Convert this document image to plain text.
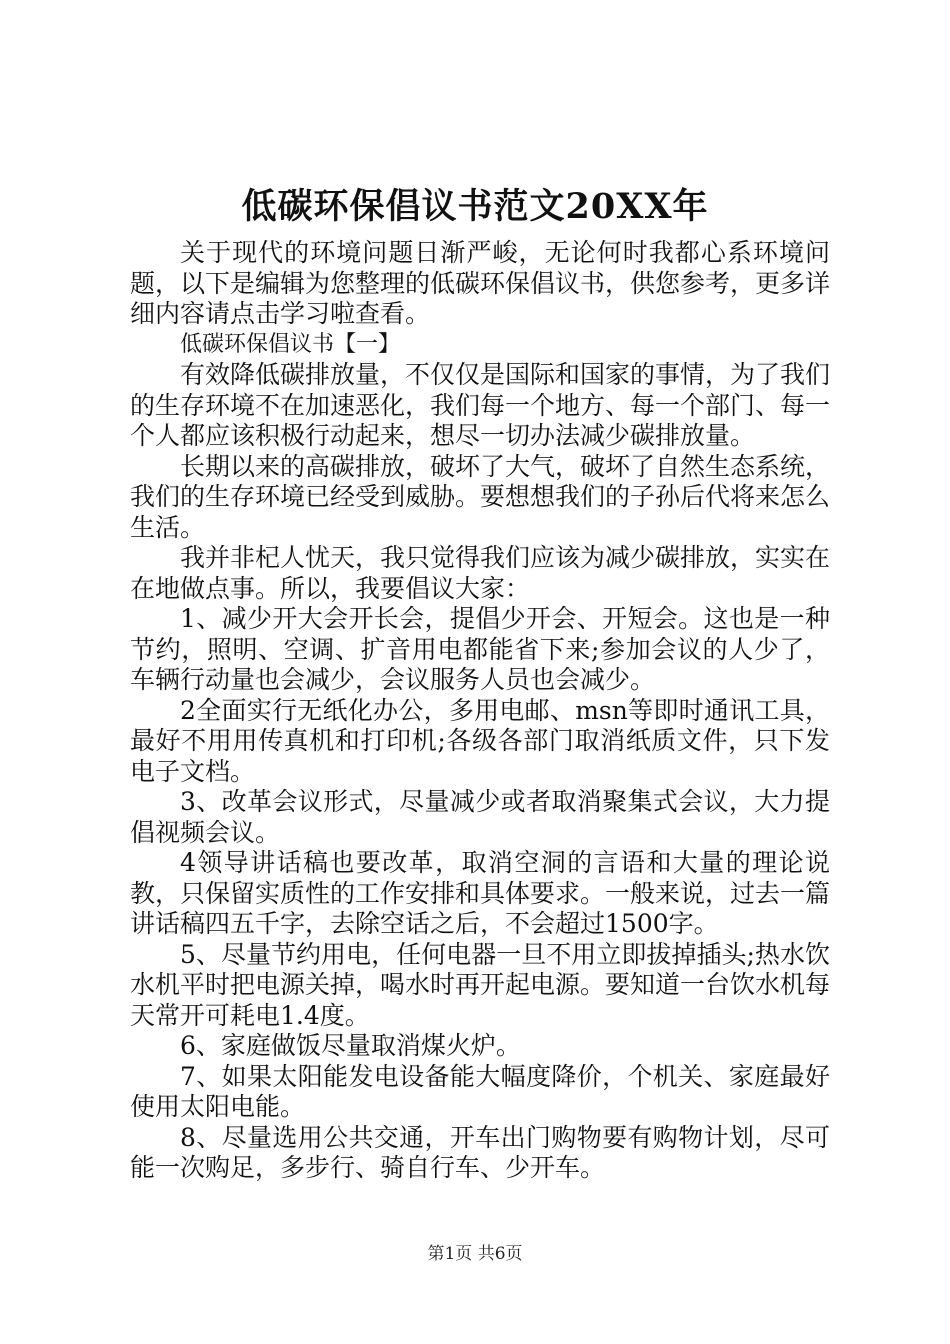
低碳环保倡议书范文20XX年

关于现代的环境问题日渐严峻，无论何时我都心系环境问题，以下是编辑为您整理的低碳环保倡议书，供您参考，更多详细内容请点击学习啦查看。

低碳环保倡议书【一】

有效降低碳排放量，不仅仅是国际和国家的事情，为了我们的生存环境不在加速恶化，我们每一个地方、每一个部门、每一个人都应该积极行动起来，想尽一切办法减少碳排放量。

长期以来的高碳排放，破坏了大气，破坏了自然生态系统，我们的生存环境已经受到威胁。要想想我们的子孙后代将来怎么生活。

我并非杞人忧天，我只觉得我们应该为减少碳排放，实实在在地做点事。所以，我要倡议大家：

1、减少开大会开长会，提倡少开会、开短会。这也是一种节约，照明、空调、扩音用电都能省下来;参加会议的人少了，车辆行动量也会减少，会议服务人员也会减少。

2全面实行无纸化办公，多用电邮、msn等即时通讯工具，最好不用用传真机和打印机;各级各部门取消纸质文件，只下发电子文档。

3、改革会议形式，尽量减少或者取消聚集式会议，大力提倡视频会议。

4领导讲话稿也要改革，取消空洞的言语和大量的理论说教，只保留实质性的工作安排和具体要求。一般来说，过去一篇讲话稿四五千字，去除空话之后，不会超过1500字。

5、尽量节约用电，任何电器一旦不用立即拔掉插头;热水饮水机平时把电源关掉，喝水时再开起电源。要知道一台饮水机每天常开可耗电1.4度。

6、家庭做饭尽量取消煤火炉。

7、如果太阳能发电设备能大幅度降价，个机关、家庭最好使用太阳电能。

8、尽量选用公共交通，开车出门购物要有购物计划，尽可能一次购足，多步行、骑自行车、少开车。

第1页 共6页
